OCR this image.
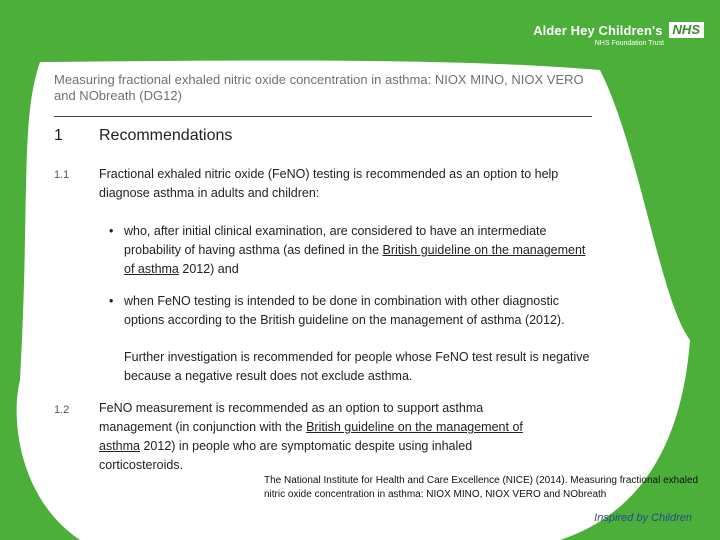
Alder Hey Children's NHS
NHS Foundation Trust
Measuring fractional exhaled nitric oxide concentration in asthma: NIOX MINO, NIOX VERO and NObreath (DG12)
1 Recommendations
1.1 Fractional exhaled nitric oxide (FeNO) testing is recommended as an option to help diagnose asthma in adults and children:
• who, after initial clinical examination, are considered to have an intermediate probability of having asthma (as defined in the British guideline on the management of asthma 2012) and
• when FeNO testing is intended to be done in combination with other diagnostic options according to the British guideline on the management of asthma (2012).
Further investigation is recommended for people whose FeNO test result is negative because a negative result does not exclude asthma.
1.2 FeNO measurement is recommended as an option to support asthma management (in conjunction with the British guideline on the management of asthma 2012) in people who are symptomatic despite using inhaled corticosteroids.
The National Institute for Health and Care Excellence (NICE) (2014). Measuring fractional exhaled nitric oxide concentration in asthma: NIOX MINO, NIOX VERO and NObreath
Inspired by Children
